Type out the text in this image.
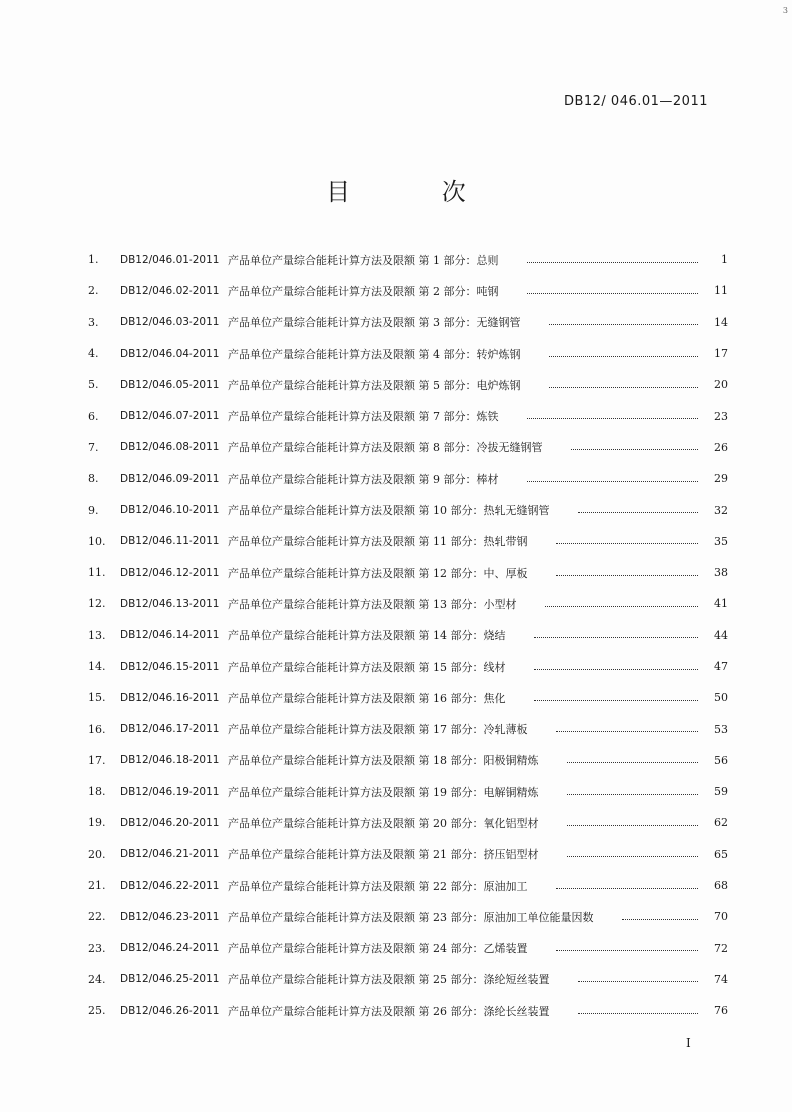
3
DB12/ 046.01—2011
目 次
1.	DB12/046.01-2011 产品单位产量综合能耗计算方法及限额 第 1 部分：总则	1
2.	DB12/046.02-2011 产品单位产量综合能耗计算方法及限额 第 2 部分：吨钢	11
3.	DB12/046.03-2011 产品单位产量综合能耗计算方法及限额 第 3 部分：无缝钢管	14
4.	DB12/046.04-2011 产品单位产量综合能耗计算方法及限额 第 4 部分：转炉炼钢	17
5.	DB12/046.05-2011 产品单位产量综合能耗计算方法及限额 第 5 部分：电炉炼钢	20
6.	DB12/046.07-2011 产品单位产量综合能耗计算方法及限额 第 7 部分：炼铁	23
7.	DB12/046.08-2011 产品单位产量综合能耗计算方法及限额 第 8 部分：冷拔无缝钢管	26
8.	DB12/046.09-2011 产品单位产量综合能耗计算方法及限额 第 9 部分：棒材	29
9.	DB12/046.10-2011 产品单位产量综合能耗计算方法及限额 第 10 部分：热轧无缝钢管	32
10.	DB12/046.11-2011 产品单位产量综合能耗计算方法及限额 第 11 部分：热轧带钢	35
11.	DB12/046.12-2011 产品单位产量综合能耗计算方法及限额 第 12 部分：中、厚板	38
12.	DB12/046.13-2011 产品单位产量综合能耗计算方法及限额 第 13 部分：小型材	41
13.	DB12/046.14-2011 产品单位产量综合能耗计算方法及限额 第 14 部分：烧结	44
14.	DB12/046.15-2011 产品单位产量综合能耗计算方法及限额 第 15 部分：线材	47
15.	DB12/046.16-2011 产品单位产量综合能耗计算方法及限额 第 16 部分：焦化	50
16.	DB12/046.17-2011 产品单位产量综合能耗计算方法及限额 第 17 部分：冷轧薄板	53
17.	DB12/046.18-2011 产品单位产量综合能耗计算方法及限额 第 18 部分：阳极铜精炼	56
18.	DB12/046.19-2011 产品单位产量综合能耗计算方法及限额 第 19 部分：电解铜精炼	59
19.	DB12/046.20-2011 产品单位产量综合能耗计算方法及限额 第 20 部分：氧化铝型材	62
20.	DB12/046.21-2011 产品单位产量综合能耗计算方法及限额 第 21 部分：挤压铝型材	65
21.	DB12/046.22-2011 产品单位产量综合能耗计算方法及限额 第 22 部分：原油加工	68
22.	DB12/046.23-2011 产品单位产量综合能耗计算方法及限额 第 23 部分：原油加工单位能量因数	70
23.	DB12/046.24-2011 产品单位产量综合能耗计算方法及限额 第 24 部分：乙烯装置	72
24.	DB12/046.25-2011 产品单位产量综合能耗计算方法及限额 第 25 部分：涤纶短丝装置	74
25.	DB12/046.26-2011 产品单位产量综合能耗计算方法及限额 第 26 部分：涤纶长丝装置	76
I
